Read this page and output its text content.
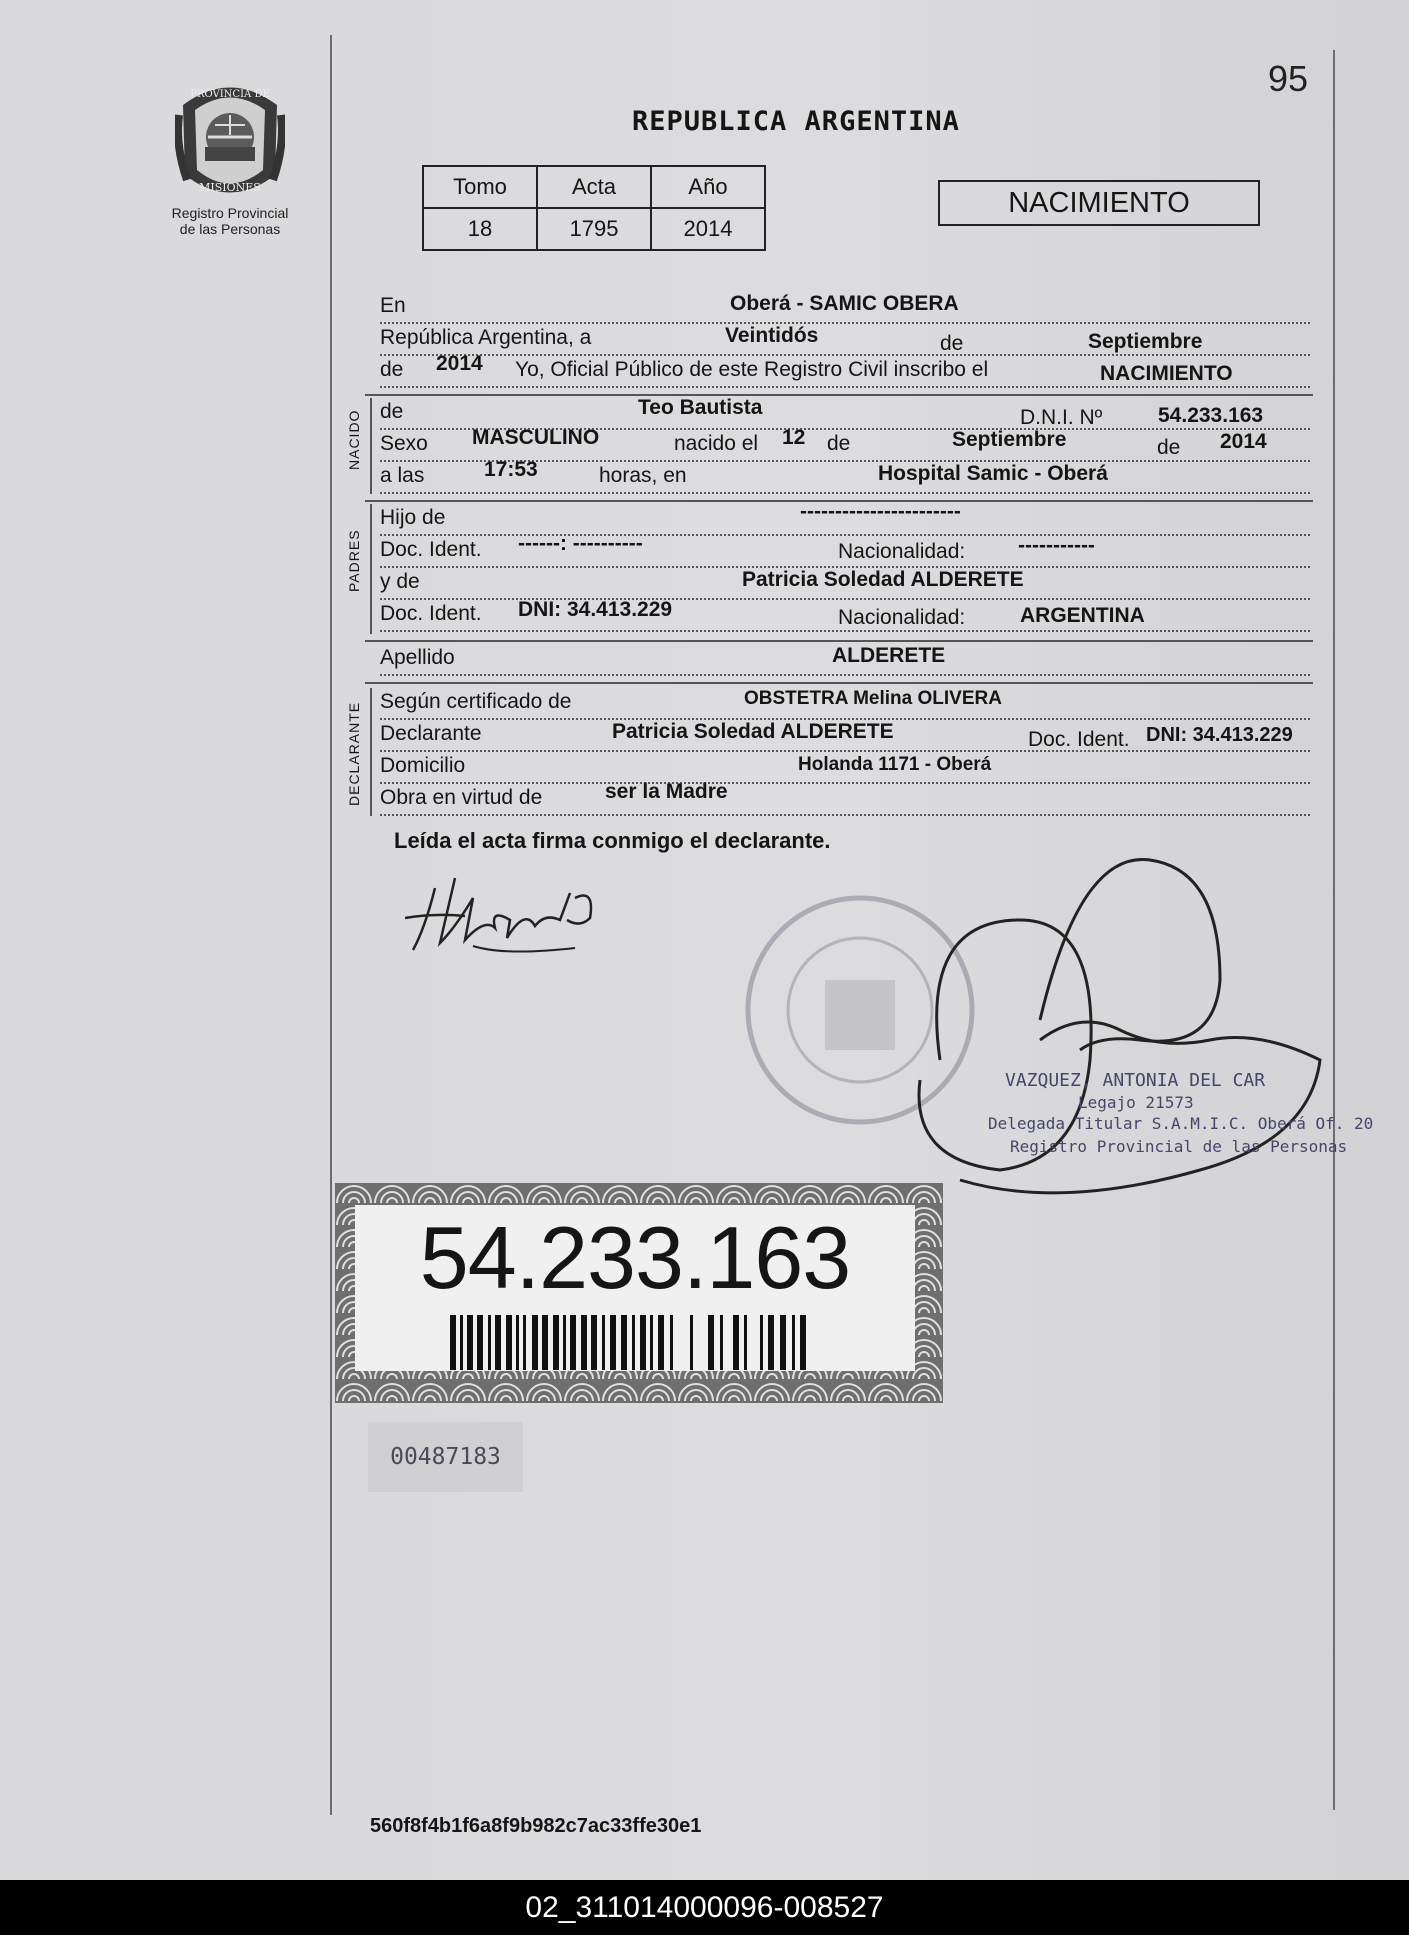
PROVINCIA DE
MISIONES
Registro Provincial
de las Personas
95
REPUBLICA ARGENTINA
Tomo	Acta	Año
18	1795	2014
NACIMIENTO
En	Oberá - SAMIC OBERA
República Argentina, a	Veintidós	de	Septiembre
de 2014 Yo, Oficial Público de este Registro Civil inscribo el	NACIMIENTO
NACIDO de	Teo Bautista	D.N.I. Nº	54.233.163
Sexo MASCULINO	nacido el 12 de	Septiembre	de 2014
a las	17:53	horas, en	Hospital Samic - Oberá
PADRES
Hijo de	-----------------------
Doc. Ident. ------: ----------	Nacionalidad:	-----------
y de	Patricia Soledad ALDERETE
Doc. Ident. DNI: 34.413.229	Nacionalidad:	ARGENTINA
Apellido	ALDERETE
DECLARANTE
Según certificado de	OBSTETRA Melina OLIVERA
Declarante	Patricia Soledad ALDERETE	Doc. Ident. DNI: 34.413.229
Domicilio	Holanda 1171 - Oberá
Obra en virtud de	ser la Madre
Leída el acta firma conmigo el declarante.
VAZQUEZ, ANTONIA DEL CAR
Legajo 21573
Delegada Titular S.A.M.I.C. Oberá Of. 20
Registro Provincial de las Personas
54.233.163
00487183
560f8f4b1f6a8f9b982c7ac33ffe30e1
02_311014000096-008527
